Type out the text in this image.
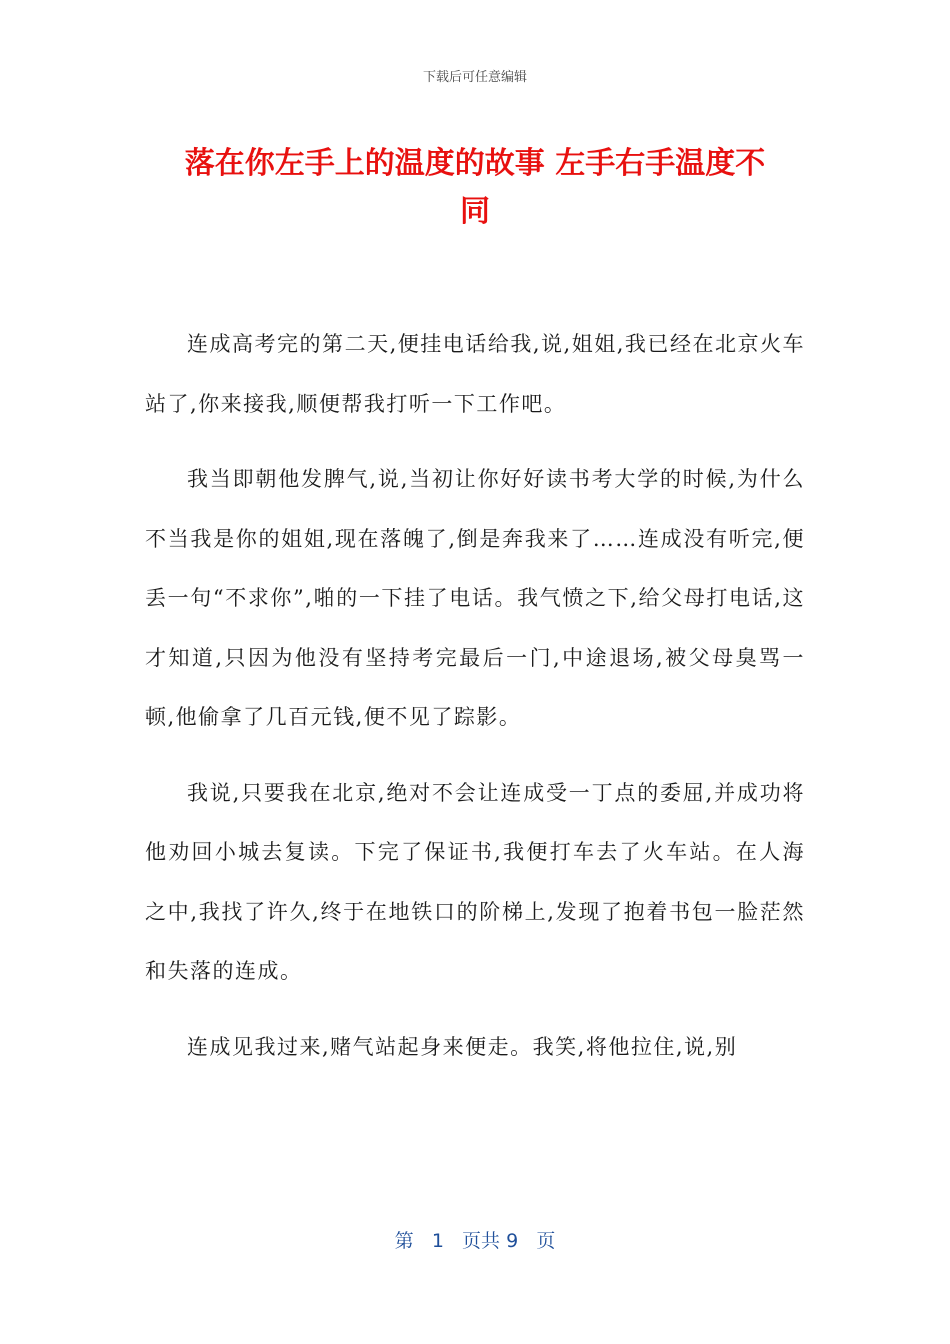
下载后可任意编辑
落在你左手上的温度的故事 左手右手温度不
同

连成高考完的第二天,便挂电话给我,说,姐姐,我已经在北京火车站了,你来接我,顺便帮我打听一下工作吧。

我当即朝他发脾气,说,当初让你好好读书考大学的时候,为什么不当我是你的姐姐,现在落魄了,倒是奔我来了……连成没有听完,便丢一句“不求你”,啪的一下挂了电话。我气愤之下,给父母打电话,这才知道,只因为他没有坚持考完最后一门,中途退场,被父母臭骂一顿,他偷拿了几百元钱,便不见了踪影。

我说,只要我在北京,绝对不会让连成受一丁点的委屈,并成功将他劝回小城去复读。下完了保证书,我便打车去了火车站。在人海之中,我找了许久,终于在地铁口的阶梯上,发现了抱着书包一脸茫然和失落的连成。

连成见我过来,赌气站起身来便走。我笑,将他拉住,说,别

第 1 页共 9 页
